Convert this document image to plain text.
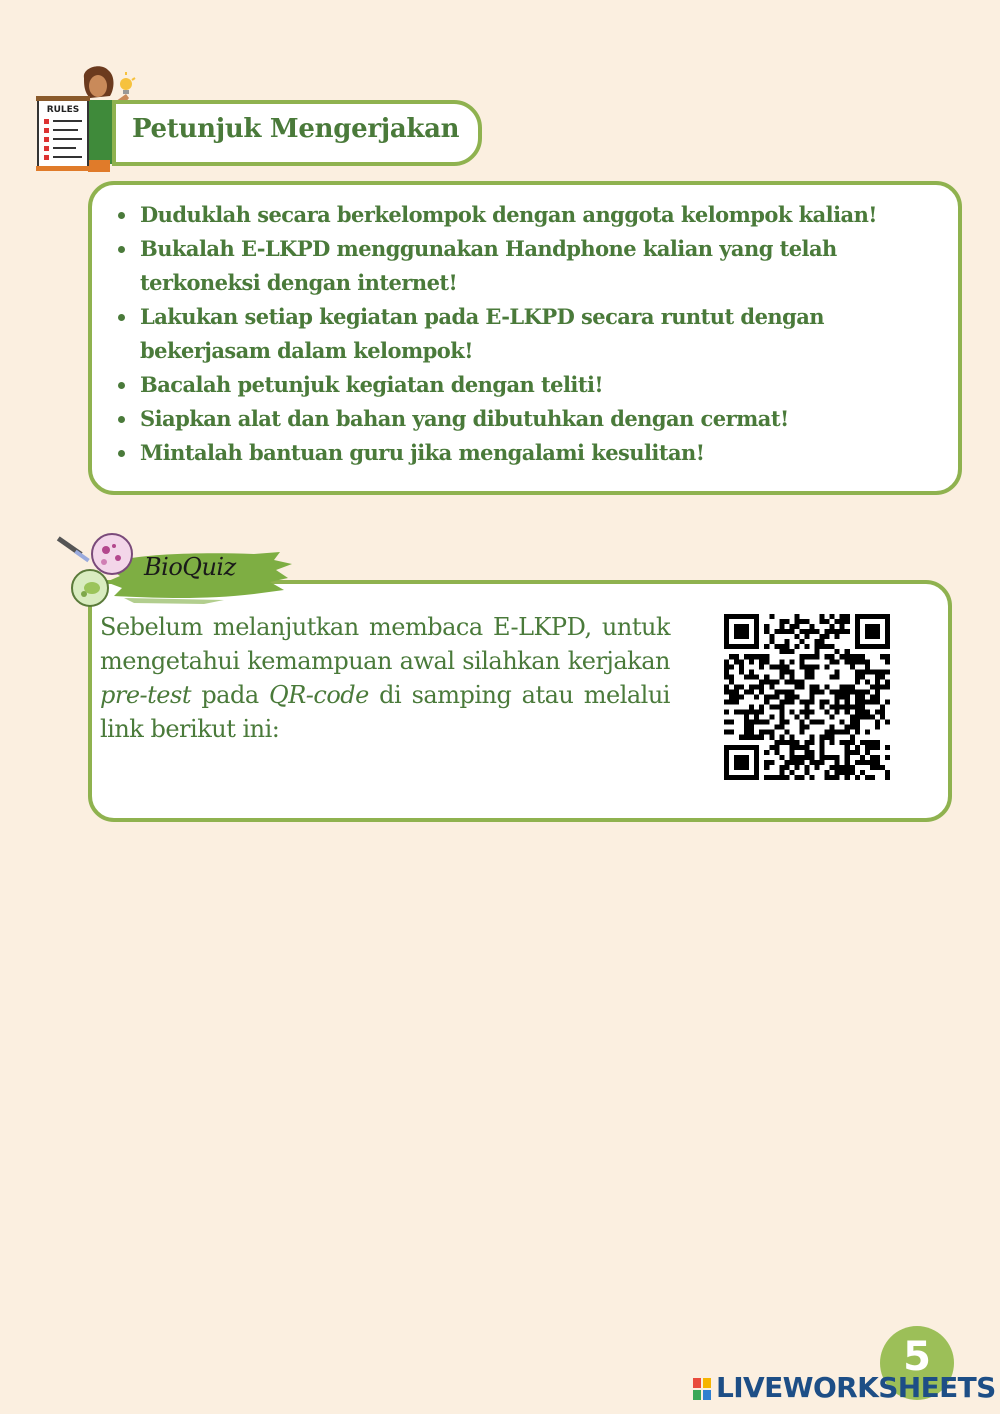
RULES
Petunjuk Mengerjakan
Duduklah secara berkelompok dengan anggota kelompok kalian!
Bukalah E-LKPD menggunakan Handphone kalian yang telah terkoneksi dengan internet!
Lakukan setiap kegiatan pada E-LKPD secara runtut dengan bekerjasam dalam kelompok!
Bacalah petunjuk kegiatan dengan teliti!
Siapkan alat dan bahan yang dibutuhkan dengan cermat!
Mintalah bantuan guru jika mengalami kesulitan!
BioQuiz

Sebelum melanjutkan membaca E-LKPD, untuk mengetahui kemampuan awal silahkan kerjakan pre-test pada QR-code di samping atau melalui link berikut ini:

5
LIVEWORKSHEETS
